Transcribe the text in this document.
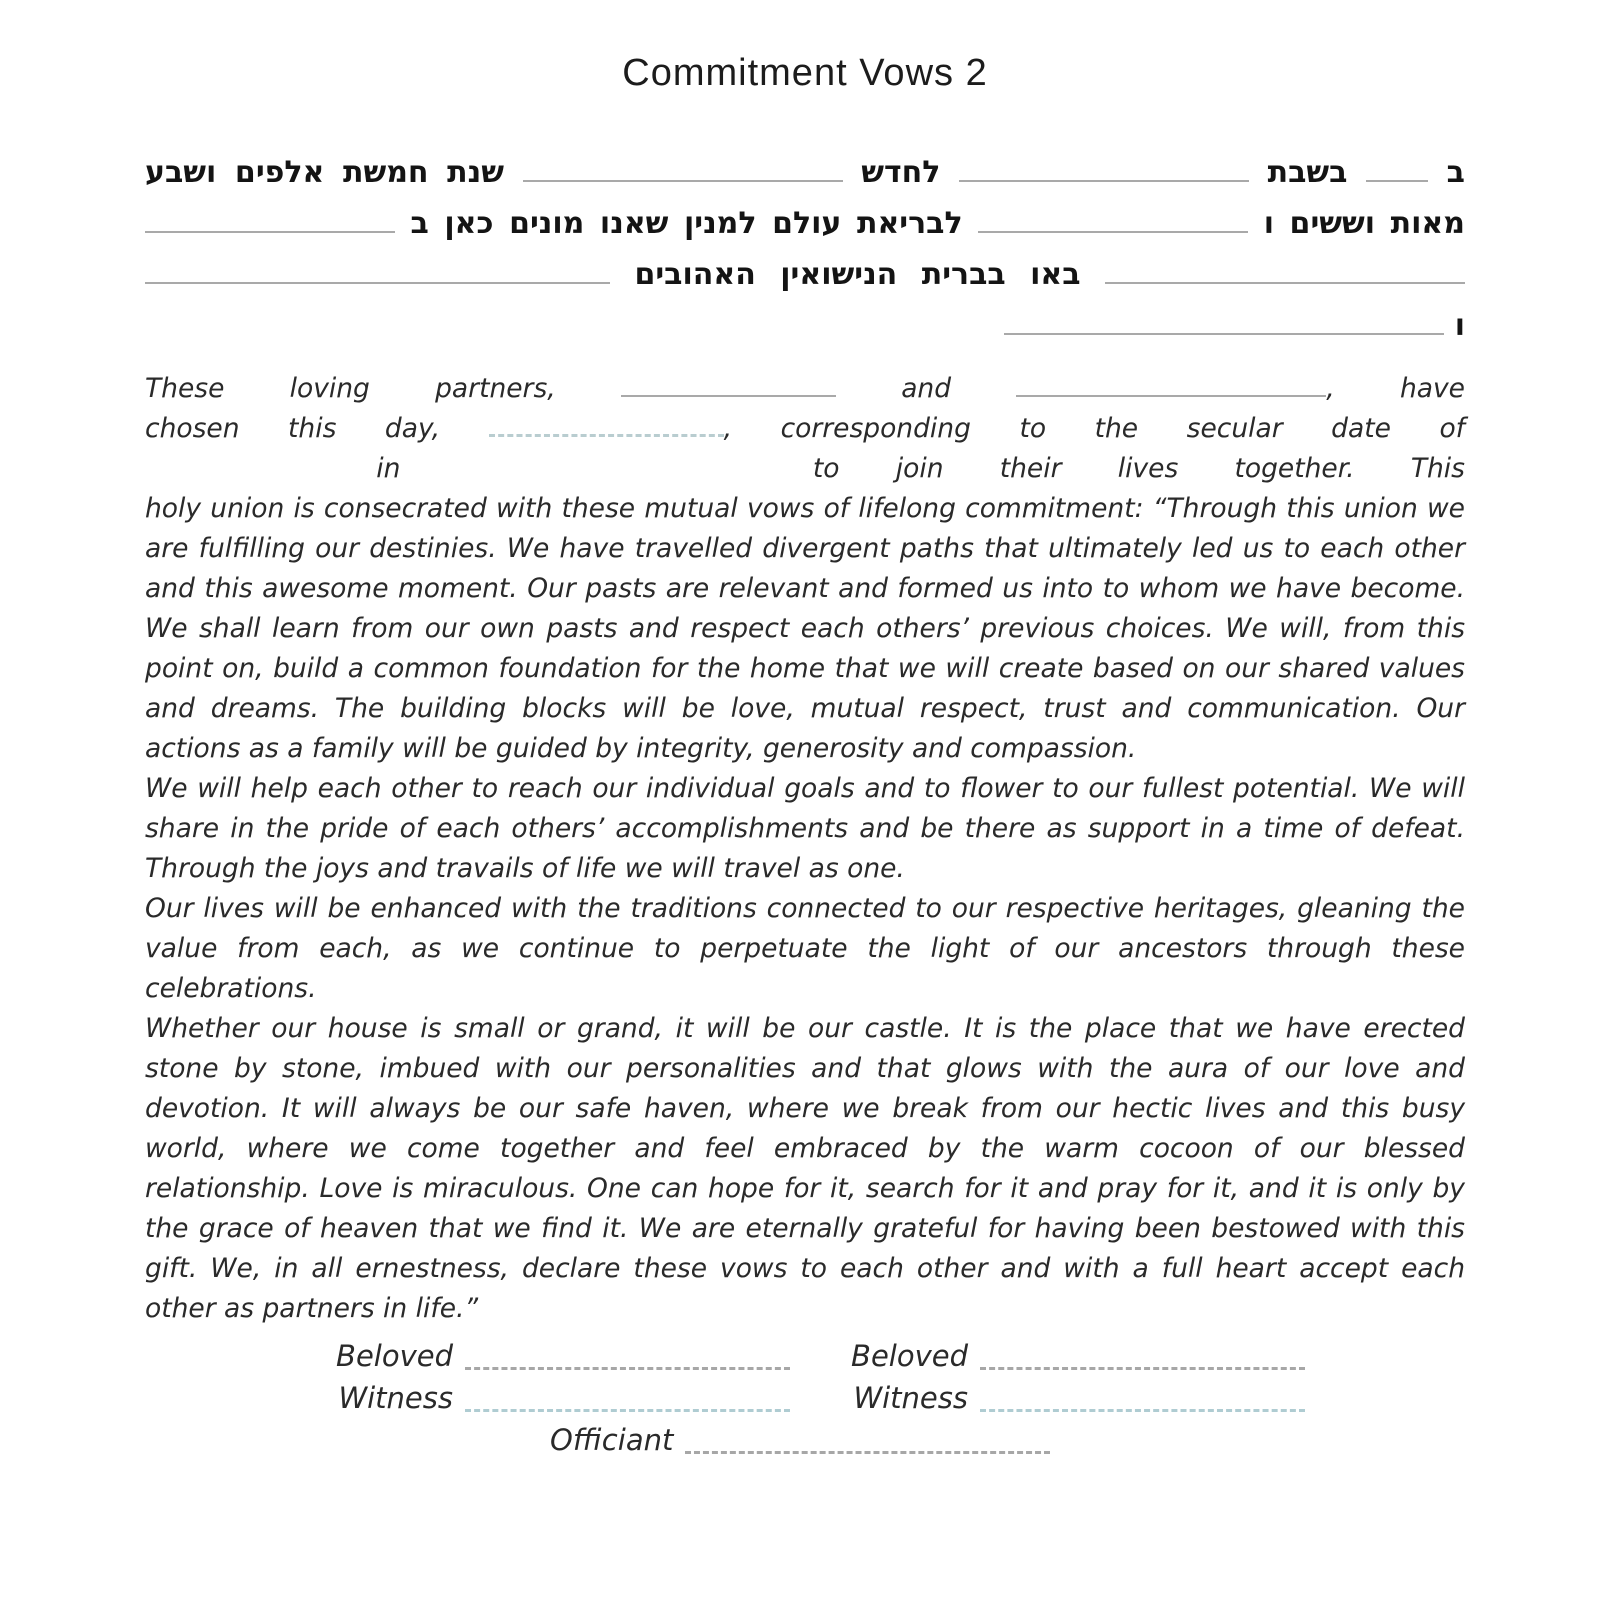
Commitment Vows 2
ב  בשבת  לחדש  שנת חמשת אלפים ושבע
מאות וששים ו  לבריאת עולם למנין שאנו מונים כאן ב
באו בברית הנישואין האהובים
ו
These loving partners,	and	, have
chosen this day,	, corresponding to the secular date of
in	to join their lives together. This

holy union is consecrated with these mutual vows of lifelong commitment: “Through this union we are fulfilling our destinies. We have travelled divergent paths that ultimately led us to each other and this awesome moment. Our pasts are relevant and formed us into to whom we have become. We shall learn from our own pasts and respect each others’ previous choices. We will, from this point on, build a common foundation for the home that we will create based on our shared values and dreams. The building blocks will be love, mutual respect, trust and communication. Our actions as a family will be guided by integrity, generosity and compassion.

We will help each other to reach our individual goals and to flower to our fullest potential. We will share in the pride of each others’ accomplishments and be there as support in a time of defeat. Through the joys and travails of life we will travel as one.

Our lives will be enhanced with the traditions connected to our respective heritages, gleaning the value from each, as we continue to perpetuate the light of our ancestors through these celebrations.

Whether our house is small or grand, it will be our castle. It is the place that we have erected stone by stone, imbued with our personalities and that glows with the aura of our love and devotion. It will always be our safe haven, where we break from our hectic lives and this busy world, where we come together and feel embraced by the warm cocoon of our blessed relationship. Love is miraculous. One can hope for it, search for it and pray for it, and it is only by the grace of heaven that we find it. We are eternally grateful for having been bestowed with this gift. We, in all ernestness, declare these vows to each other and with a full heart accept each other as partners in life.”

Beloved	Beloved
Witness	Witness
Officiant
